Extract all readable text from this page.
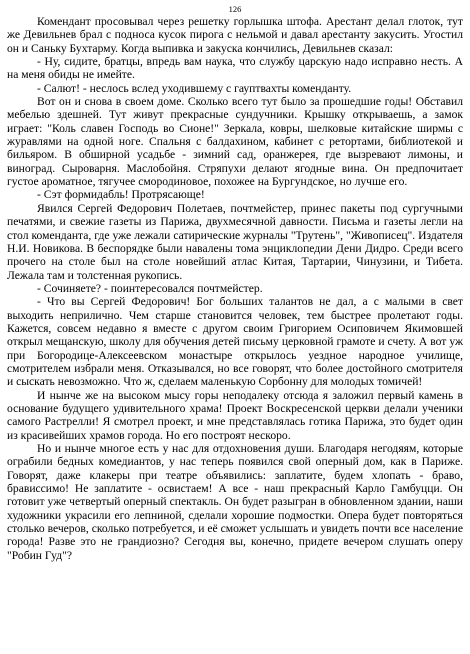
126

Комендант просовывал через решетку горлышка штофа. Арестант делал глоток, тут же Девильнев брал с подноса кусок пирога с нельмой и давал арестанту закусить. Угостил он и Саньку Бухтарму. Когда выпивка и закуска кончились, Девильнев сказал:

- Ну, сидите, братцы, впредь вам наука, что службу царскую надо исправно несть. А на меня обиды не имейте.

- Салют! - неслось вслед уходившему с гауптвахты коменданту.

Вот он и снова в своем доме. Сколько всего тут было за прошедшие годы! Обставил мебелью здешней. Тут живут прекрасные сундучники. Крышку открываешь, а замок играет: "Коль славен Господь во Сионе!" Зеркала, ковры, шелковые китайские ширмы с журавлями на одной ноге. Спальня с балдахином, кабинет с ретортами, библиотекой и бильяром. В обширной усадьбе - зимний сад, оранжерея, где вызревают лимоны, и виноград. Сыроварня. Маслобойня. Стряпухи делают ягодные вина. Он предпочитает густое ароматное, тягучее смородиновое, похожее на Бургундское, но лучше его.

- Сэт формидабль! Протрясающе!

Явился Сергей Федорович Полетаев, почтмейстер, принес пакеты под сургучными печатями, и свежие газеты из Парижа, двухмесячной давности. Письма и газеты легли на стол коменданта, где уже лежали сатирические журналы "Трутень", "Живописец". Издателя Н.И. Новикова. В беспорядке были навалены тома энциклопедии Дени Дидро. Среди всего прочего на столе был на столе новейший атлас Китая, Тартарии, Чинузини, и Тибета. Лежала там и толстенная рукопись.

- Сочиняете? - поинтересовался почтмейстер.

- Что вы Сергей Федорович! Бог больших талантов не дал, а с малыми в свет выходить неприлично. Чем старше становится человек, тем быстрее пролетают годы. Кажется, совсем недавно я вместе с другом своим Григорием Осиповичем Якимовшей открыл мещанскую, школу для обучения детей письму церковной грамоте и счету. А вот уж при Богородице-Алексеевском монастыре открылось уездное народное училище, смотрителем избрали меня. Отказывался, но все говорят, что более достойного смотрителя и сыскать невозможно. Что ж, сделаем маленькую Сорбонну для молодых томичей!

И нынче же на высоком мысу горы неподалеку отсюда я заложил первый камень в основание будущего удивительного храма! Проект Воскресенской церкви делали ученики самого Растрелли! Я смотрел проект, и мне представлялась готика Парижа, это будет один из красивейших храмов города. Но его построят нескоро.

Но и нынче многое есть у нас для отдохновения души. Благодаря негодяям, которые ограбили бедных комедиантов, у нас теперь появился свой оперный дом, как в Париже. Говорят, даже клакеры при театре объявились: заплатите, будем хлопать - браво, брависсимо! Не заплатите - освистаем! А все - наш прекрасный Карло Гамбуцци. Он готовит уже четвертый оперный спектакль. Он будет разыгран в обновленном здании, наши художники украсили его лепниной, сделали хорошие подмостки. Опера будет повторяться столько вечеров, сколько потребуется, и её сможет услышать и увидеть почти все население города! Разве это не грандиозно? Сегодня вы, конечно, придете вечером слушать оперу "Робин Гуд"?
